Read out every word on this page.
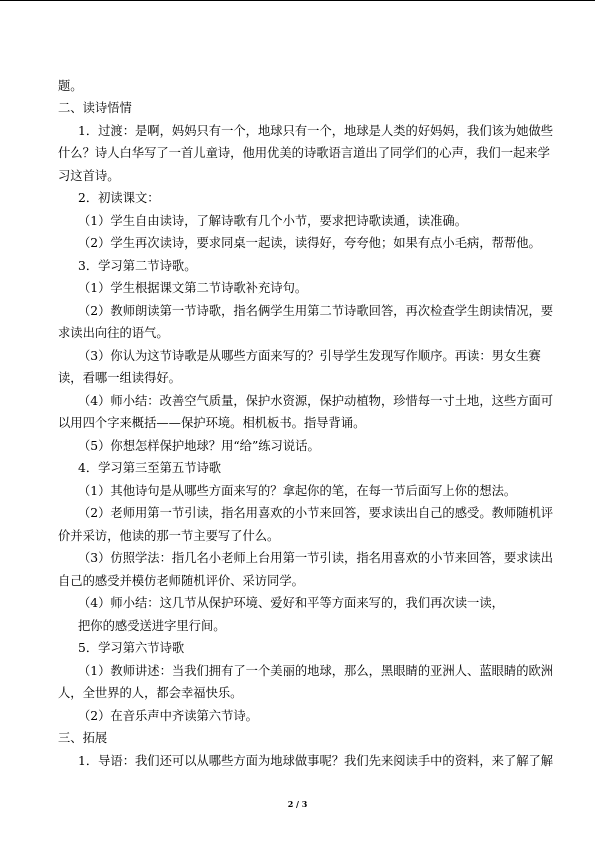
题。
二、读诗悟情
1．过渡：是啊，妈妈只有一个，地球只有一个，地球是人类的好妈妈，我们该为她做些
什么？诗人白华写了一首儿童诗，他用优美的诗歌语言道出了同学们的心声，我们一起来学
习这首诗。
2．初读课文：
（1）学生自由读诗，了解诗歌有几个小节，要求把诗歌读通，读准确。
（2）学生再次读诗，要求同桌一起读，读得好，夸夸他；如果有点小毛病，帮帮他。
3．学习第二节诗歌。
（1）学生根据课文第二节诗歌补充诗句。
（2）教师朗读第一节诗歌，指名俩学生用第二节诗歌回答，再次检查学生朗读情况，要
求读出向往的语气。
（3）你认为这节诗歌是从哪些方面来写的？引导学生发现写作顺序。再读：男女生赛
读，看哪一组读得好。
（4）师小结：改善空气质量，保护水资源，保护动植物，珍惜每一寸土地，这些方面可
以用四个字来概括——保护环境。相机板书。指导背诵。
（5）你想怎样保护地球？用“给”练习说话。
4．学习第三至第五节诗歌
（1）其他诗句是从哪些方面来写的？拿起你的笔，在每一节后面写上你的想法。
（2）老师用第一节引读，指名用喜欢的小节来回答，要求读出自己的感受。教师随机评
价并采访，他读的那一节主要写了什么。
（3）仿照学法：指几名小老师上台用第一节引读，指名用喜欢的小节来回答，要求读出
自己的感受并模仿老师随机评价、采访同学。
（4）师小结：这几节从保护环境、爱好和平等方面来写的，我们再次读一读，
把你的感受送进字里行间。
5．学习第六节诗歌
（1）教师讲述：当我们拥有了一个美丽的地球，那么，黑眼睛的亚洲人、蓝眼睛的欧洲
人，全世界的人，都会幸福快乐。
（2）在音乐声中齐读第六节诗。
三、拓展
1．导语：我们还可以从哪些方面为地球做事呢？我们先来阅读手中的资料，来了解了解
2 / 3
